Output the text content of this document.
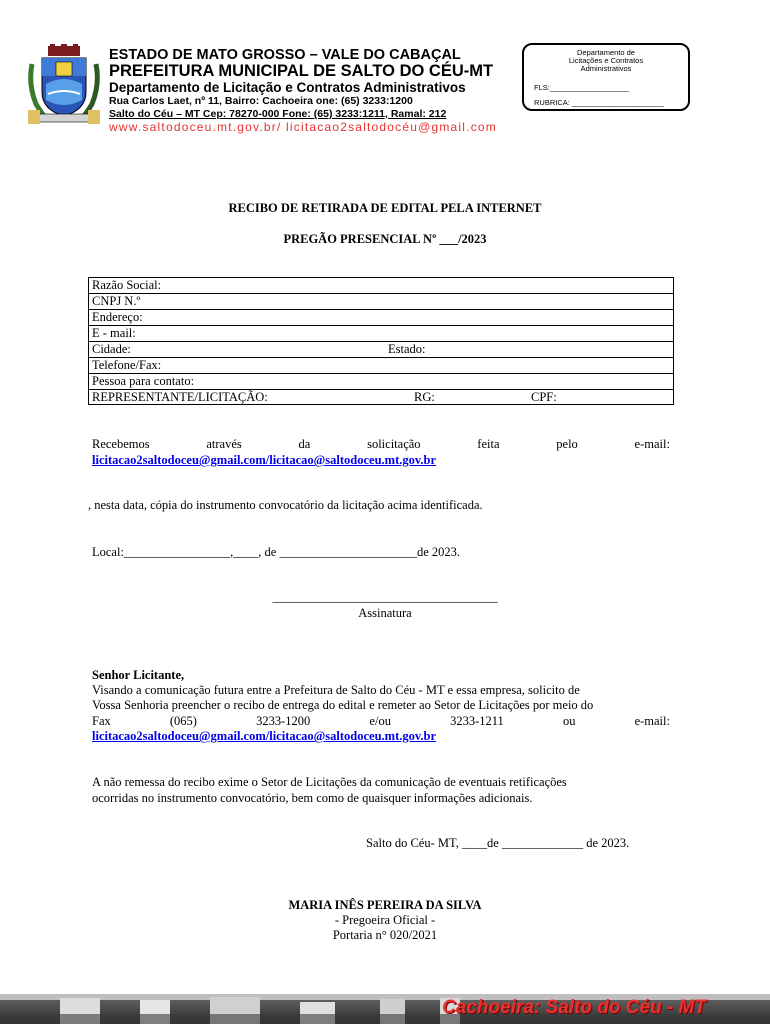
ESTADO DE MATO GROSSO – VALE DO CABAÇAL
PREFEITURA MUNICIPAL DE SALTO DO CÉU-MT
Departamento de Licitação e Contratos Administrativos
Rua Carlos Laet, nº 11, Bairro: Cachoeira one: (65) 3233:1200
Salto do Céu – MT Cep: 78270-000 Fone: (65) 3233:1211, Ramal: 212
www.saltodoceu.mt.gov.br/ licitacao2saltodocéu@gmail.com
Departamento de
Licitações e Contratos
Administrativos
FLS:___________________
RUBRICA: ______________________
RECIBO DE RETIRADA DE EDITAL PELA INTERNET
PREGÃO PRESENCIAL Nº ___/2023
Razão Social:
CNPJ N.º
Endereço:
E - mail:
Cidade:	Estado:
Telefone/Fax:
Pessoa para contato:
REPRESENTANTE/LICITAÇÃO:	RG:	CPF:
Recebemos	através	da	solicitação	feita	pelo	e-mail:
licitacao2saltodoceu@gmail.com/licitacao@saltodoceu.mt.gov.br
, nesta data, cópia do instrumento convocatório da licitação acima identificada.
Local:_________________,____, de ______________________de 2023.
____________________________________
Assinatura
Senhor Licitante,
Visando a comunicação futura entre a Prefeitura de Salto do Céu - MT e essa empresa, solicito de
Vossa Senhoria preencher o recibo de entrega do edital e remeter ao Setor de Licitações por meio do
Fax	(065)	3233-1200	e/ou	3233-1211	ou	e-mail:
licitacao2saltodoceu@gmail.com/licitacao@saltodoceu.mt.gov.br
A não remessa do recibo exime o Setor de Licitações da comunicação de eventuais retificações
ocorridas no instrumento convocatório, bem como de quaisquer informações adicionais.
Salto do Céu- MT, ____de _____________ de 2023.
MARIA INÊS PEREIRA DA SILVA
- Pregoeira Oficial -
Portaria n° 020/2021
Cachoeira: Salto do Céu - MT
